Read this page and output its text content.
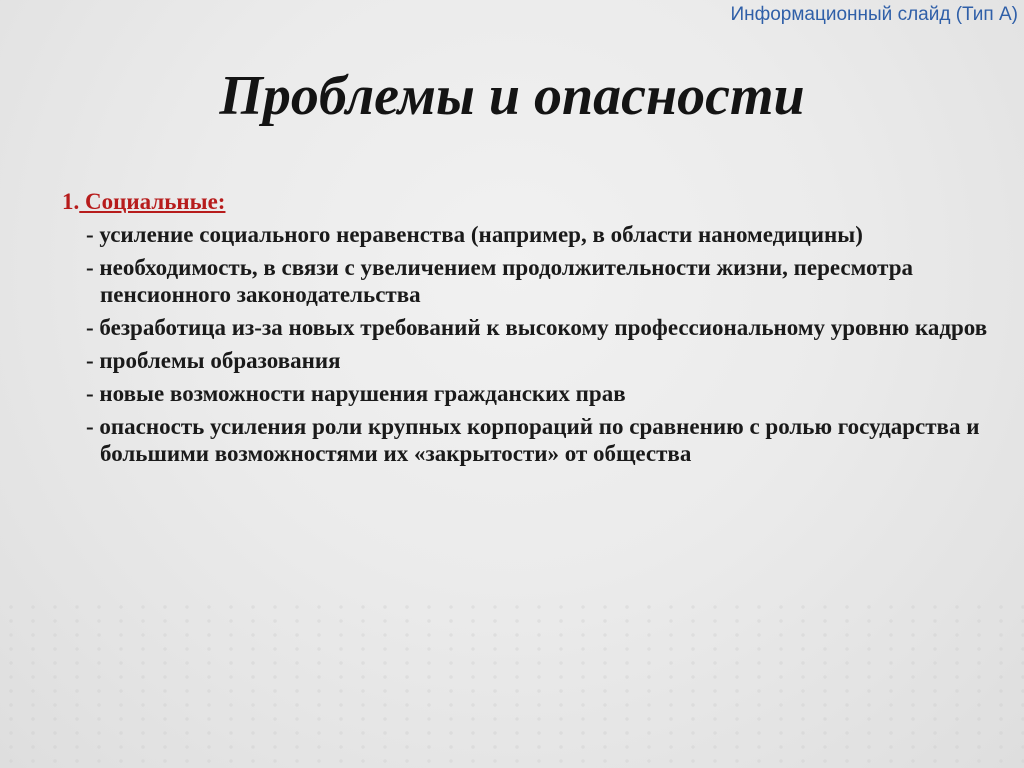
Информационный слайд (Тип А)
Проблемы и опасности
1. Социальные:
- усиление социального неравенства (например, в области наномедицины)
- необходимость, в связи с увеличением продолжительности жизни, пересмотра пенсионного законодательства
- безработица из-за новых требований к высокому профессиональному уровню кадров
- проблемы образования
- новые возможности нарушения гражданских прав
- опасность усиления роли крупных корпораций по сравнению с ролью государства и большими возможностями их «закрытости» от общества
